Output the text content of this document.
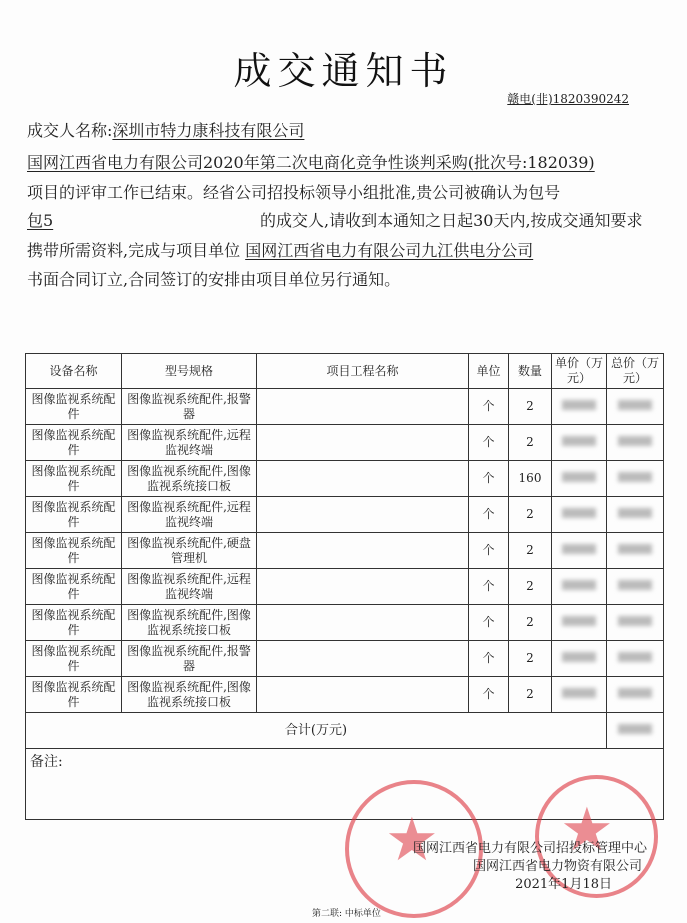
成交通知书
赣电(非)1820390242
成交人名称:深圳市特力康科技有限公司
国网江西省电力有限公司2020年第二次电商化竞争性谈判采购(批次号:182039)
项目的评审工作已结束。经省公司招投标领导小组批准,贵公司被确认为包号
包5	的成交人,请收到本通知之日起30天内,按成交通知要求
携带所需资料,完成与项目单位 国网江西省电力有限公司九江供电分公司
书面合同订立,合同签订的安排由项目单位另行通知。
设备名称	型号规格	项目工程名称	单位	数量	单价（万元）	总价（万元）
图像监视系统配件	图像监视系统配件,报警器		个	2		
图像监视系统配件	图像监视系统配件,远程监视终端		个	2		
图像监视系统配件	图像监视系统配件,图像监视系统接口板		个	160		
图像监视系统配件	图像监视系统配件,远程监视终端		个	2		
图像监视系统配件	图像监视系统配件,硬盘管理机		个	2		
图像监视系统配件	图像监视系统配件,远程监视终端		个	2		
图像监视系统配件	图像监视系统配件,图像监视系统接口板		个	2		
图像监视系统配件	图像监视系统配件,报警器		个	2		
图像监视系统配件	图像监视系统配件,图像监视系统接口板		个	2		
合计(万元)						
备注:						
★ ★
国网江西省电力有限公司招投标管理中心
国网江西省电力物资有限公司
2021年1月18日
第二联: 中标单位
